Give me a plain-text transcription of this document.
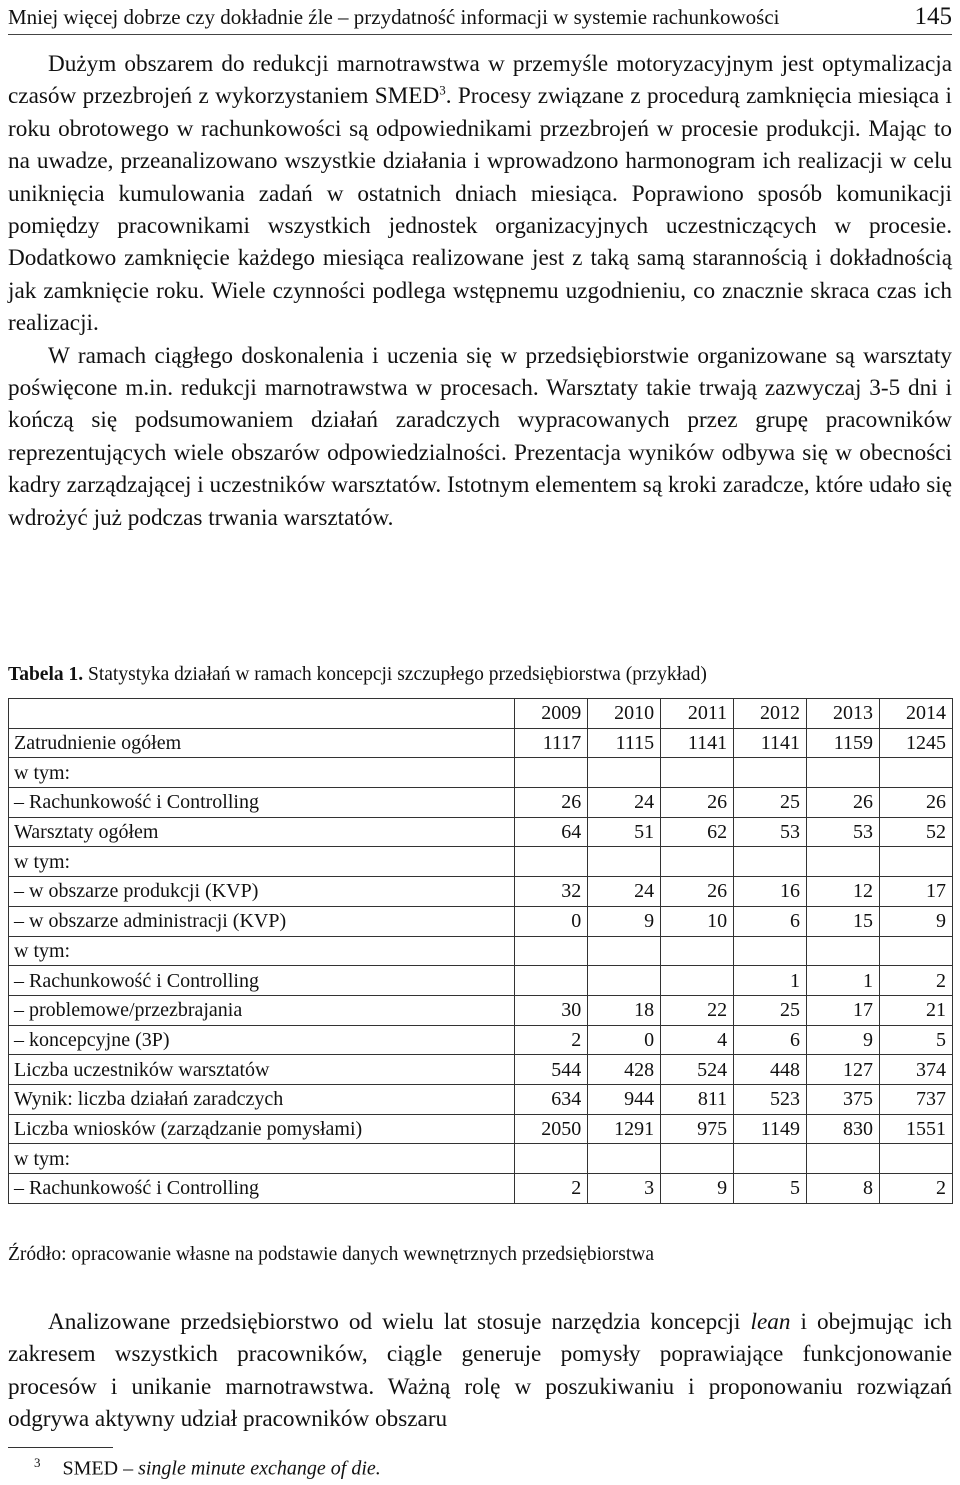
Mniej więcej dobrze czy dokładnie źle – przydatność informacji w systemie rachunkowości	145

Dużym obszarem do redukcji marnotrawstwa w przemyśle motoryzacyjnym jest optymalizacja czasów przezbrojeń z wykorzystaniem SMED$^3$. Procesy związane z procedurą zamknięcia miesiąca i roku obrotowego w rachunkowości są odpowiednikami przezbrojeń w procesie produkcji. Mając to na uwadze, przeanalizowano wszystkie działania i wprowadzono harmonogram ich realizacji w celu uniknięcia kumulowania zadań w ostatnich dniach miesiąca. Poprawiono sposób komunikacji pomiędzy pracownikami wszystkich jednostek organizacyjnych uczestniczących w procesie. Dodatkowo zamknięcie każdego miesiąca realizowane jest z taką samą starannością i dokładnością jak zamknięcie roku. Wiele czynności podlega wstępnemu uzgodnieniu, co znacznie skraca czas ich realizacji.

W ramach ciągłego doskonalenia i uczenia się w przedsiębiorstwie organizowane są warsztaty poświęcone m.in. redukcji marnotrawstwa w procesach. Warsztaty takie trwają zazwyczaj 3-5 dni i kończą się podsumowaniem działań zaradczych wypracowanych przez grupę pracowników reprezentujących wiele obszarów odpowiedzialności. Prezentacja wyników odbywa się w obecności kadry zarządzającej i uczestników warsztatów. Istotnym elementem są kroki zaradcze, które udało się wdrożyć już podczas trwania warsztatów.

Tabela 1. Statystyka działań w ramach koncepcji szczupłego przedsiębiorstwa (przykład)
	2009	2010	2011	2012	2013	2014
Zatrudnienie ogółem	1117	1115	1141	1141	1159	1245
w tym:						
– Rachunkowość i Controlling	26	24	26	25	26	26
Warsztaty ogółem	64	51	62	53	53	52
w tym:						
– w obszarze produkcji (KVP)	32	24	26	16	12	17
– w obszarze administracji (KVP)	0	9	10	6	15	9
w tym:						
– Rachunkowość i Controlling				1	1	2
– problemowe/przezbrajania	30	18	22	25	17	21
– koncepcyjne (3P)	2	0	4	6	9	5
Liczba uczestników warsztatów	544	428	524	448	127	374
Wynik: liczba działań zaradczych	634	944	811	523	375	737
Liczba wniosków (zarządzanie pomysłami)	2050	1291	975	1149	830	1551
w tym:						
– Rachunkowość i Controlling	2	3	9	5	8	2
Źródło: opracowanie własne na podstawie danych wewnętrznych przedsiębiorstwa

Analizowane przedsiębiorstwo od wielu lat stosuje narzędzia koncepcji lean i obejmując ich zakresem wszystkich pracowników, ciągle generuje pomysły poprawiające funkcjonowanie procesów i unikanie marnotrawstwa. Ważną rolę w poszukiwaniu i proponowaniu rozwiązań odgrywa aktywny udział pracowników obszaru

$^3$ SMED – single minute exchange of die.
